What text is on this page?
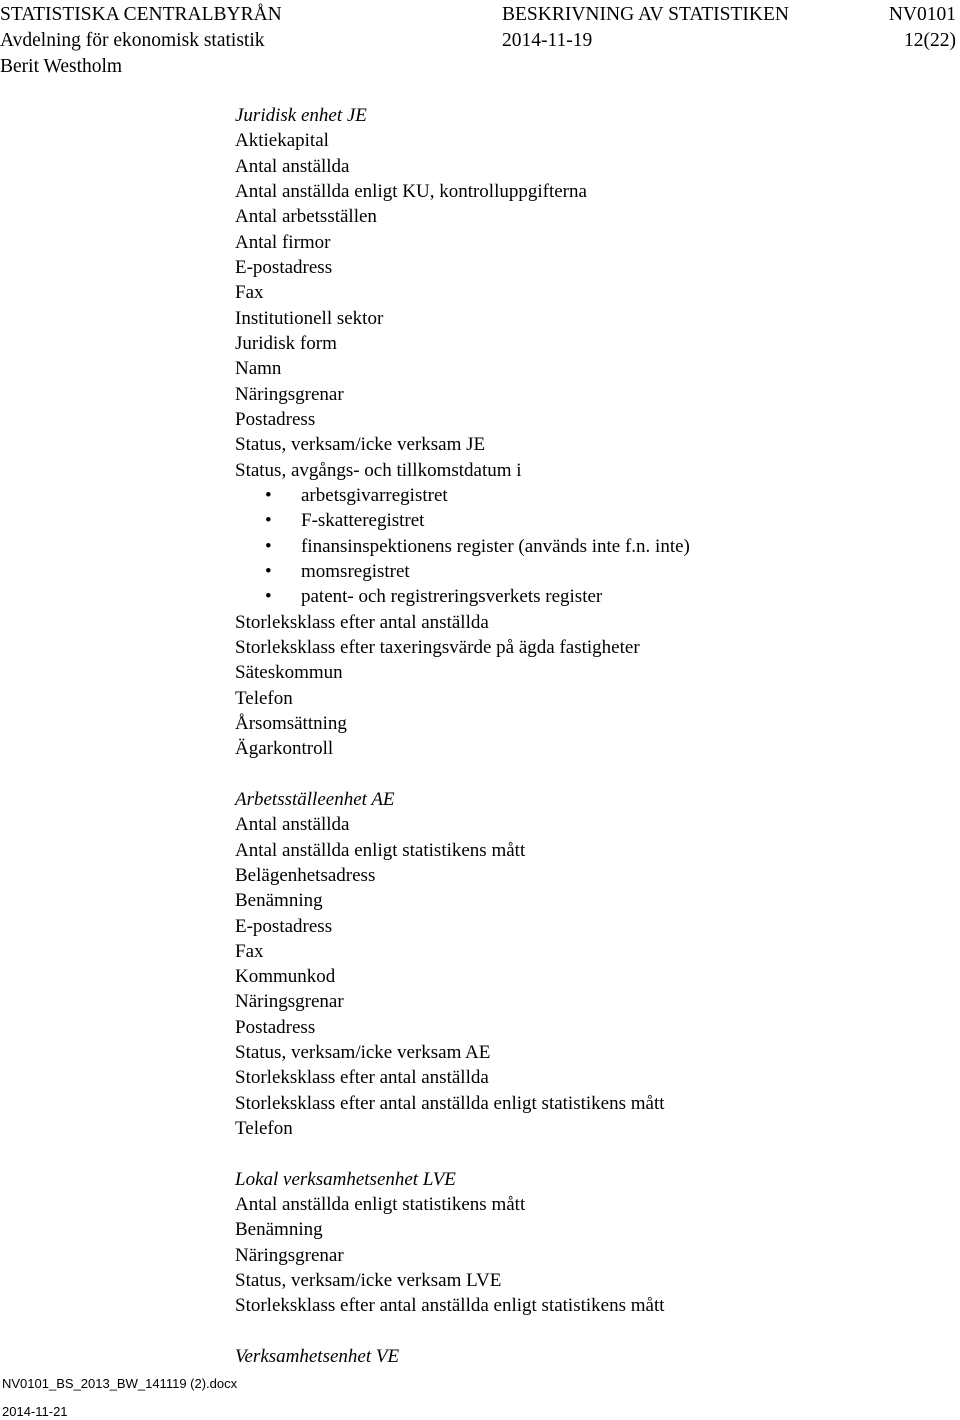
STATISTISKA CENTRALBYRÅN	BESKRIVNING AV STATISTIKEN	NV0101
Avdelning för ekonomisk statistik	2014-11-19	12(22)
Berit Westholm
Juridisk enhet JE
Aktiekapital
Antal anställda
Antal anställda enligt KU, kontrolluppgifterna
Antal arbetsställen
Antal firmor
E-postadress
Fax
Institutionell sektor
Juridisk form
Namn
Näringsgrenar
Postadress
Status, verksam/icke verksam JE
Status, avgångs- och tillkomstdatum i
• arbetsgivarregistret
• F-skatteregistret
• finansinspektionens register (används inte f.n. inte)
• momsregistret
• patent- och registreringsverkets register
Storleksklass efter antal anställda
Storleksklass efter taxeringsvärde på ägda fastigheter
Säteskommun
Telefon
Årsomsättning
Ägarkontroll
Arbetsställeenhet AE
Antal anställda
Antal anställda enligt statistikens mått
Belägenhetsadress
Benämning
E-postadress
Fax
Kommunkod
Näringsgrenar
Postadress
Status, verksam/icke verksam AE
Storleksklass efter antal anställda
Storleksklass efter antal anställda enligt statistikens mått
Telefon
Lokal verksamhetsenhet LVE
Antal anställda enligt statistikens mått
Benämning
Näringsgrenar
Status, verksam/icke verksam LVE
Storleksklass efter antal anställda enligt statistikens mått
Verksamhetsenhet VE
NV0101_BS_2013_BW_141119 (2).docx
2014-11-21
